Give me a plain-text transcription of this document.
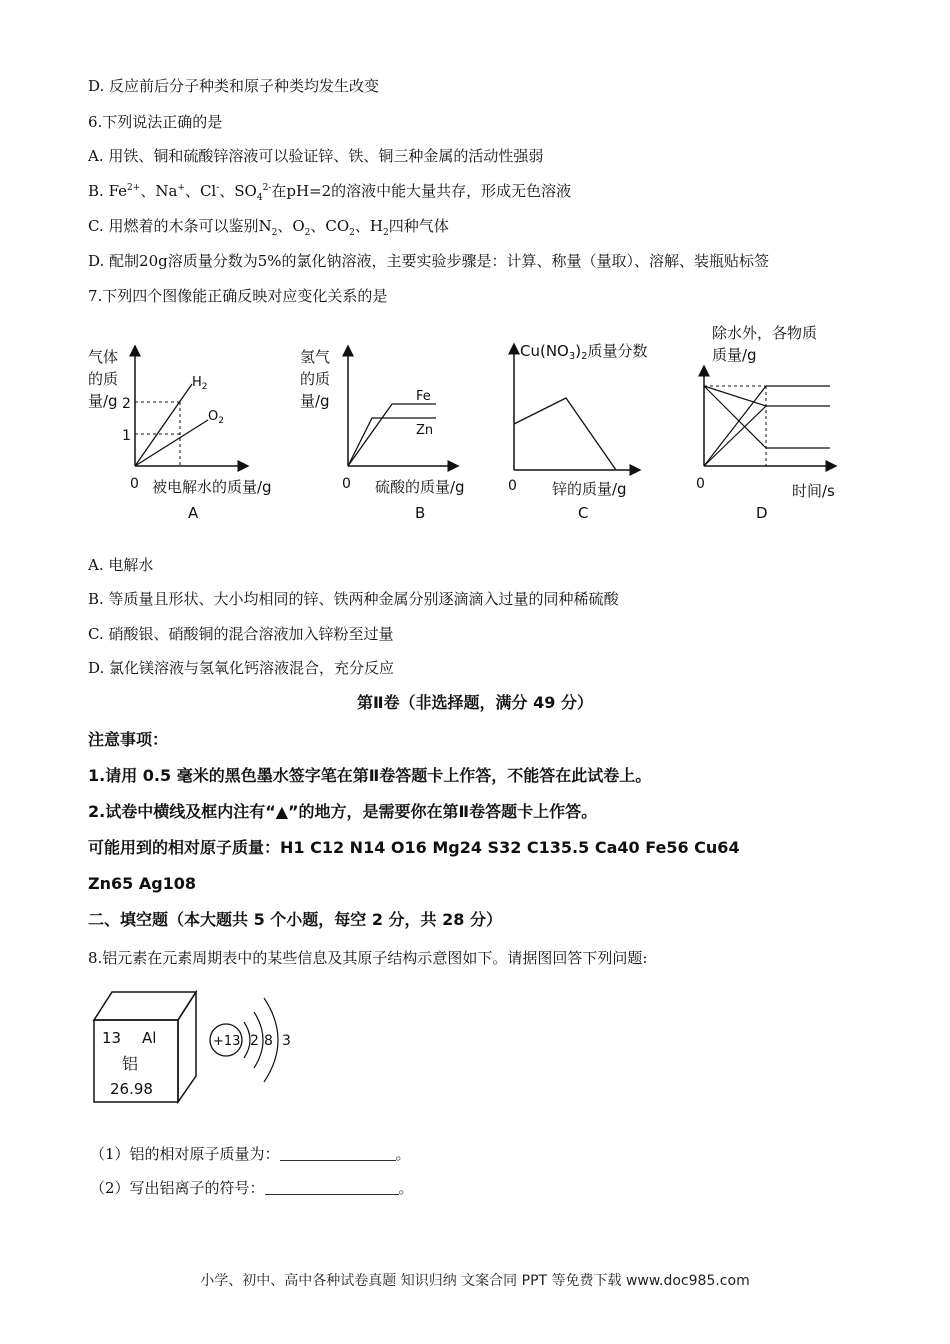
D. 反应前后分子种类和原子种类均发生改变
6.下列说法正确的是
A. 用铁、铜和硫酸锌溶液可以验证锌、铁、铜三种金属的活动性强弱
B. $Fe^{2+}$、Na+、Cl-、$SO_4^{2-}$在pH=2的溶液中能大量共存，形成无色溶液
C. 用燃着的木条可以鉴别$N_2$、$O_2$、$CO_2$、$H_2$四种气体
D. 配制20g溶质量分数为5%的氯化钠溶液，主要实验步骤是：计算、称量（量取）、溶解、装瓶贴标签
7.下列四个图像能正确反映对应变化关系的是
气体
的质
量/g 2
1
$H_2$
$O_2$
0 被电解水的质量/g
A
氢气
的质
量/g	Fe
Zn
0 硫酸的质量/g
B
$Cu(NO_3)_2$质量分数
0 锌的质量/g
C
除水外，各物质
质量/g
0	时间/s
D
A. 电解水
B. 等质量且形状、大小均相同的锌、铁两种金属分别逐滴滴入过量的同种稀硫酸
C. 硝酸银、硝酸铜的混合溶液加入锌粉至过量
D. 氯化镁溶液与氢氧化钙溶液混合，充分反应
第Ⅱ卷（非选择题，满分 49 分）
注意事项：
1.请用 0.5 毫米的黑色墨水签字笔在第Ⅱ卷答题卡上作答，不能答在此试卷上。
2.试卷中横线及框内注有“▲”的地方，是需要你在第Ⅱ卷答题卡上作答。
可能用到的相对原子质量：H1 C12 N14 O16 Mg24 S32 C135.5 Ca40 Fe56 Cu64
Zn65 Ag108
二、填空题（本大题共 5 个小题，每空 2 分，共 28 分）
8.铝元素在元素周期表中的某些信息及其原子结构示意图如下。请据图回答下列问题:
13 Al
铝
26.98
+13 2 8 3
（1）铝的相对原子质量为：	。
（2）写出铝离子的符号：	。
小学、初中、高中各种试卷真题 知识归纳 文案合同 PPT 等免费下载 www.doc985.com
